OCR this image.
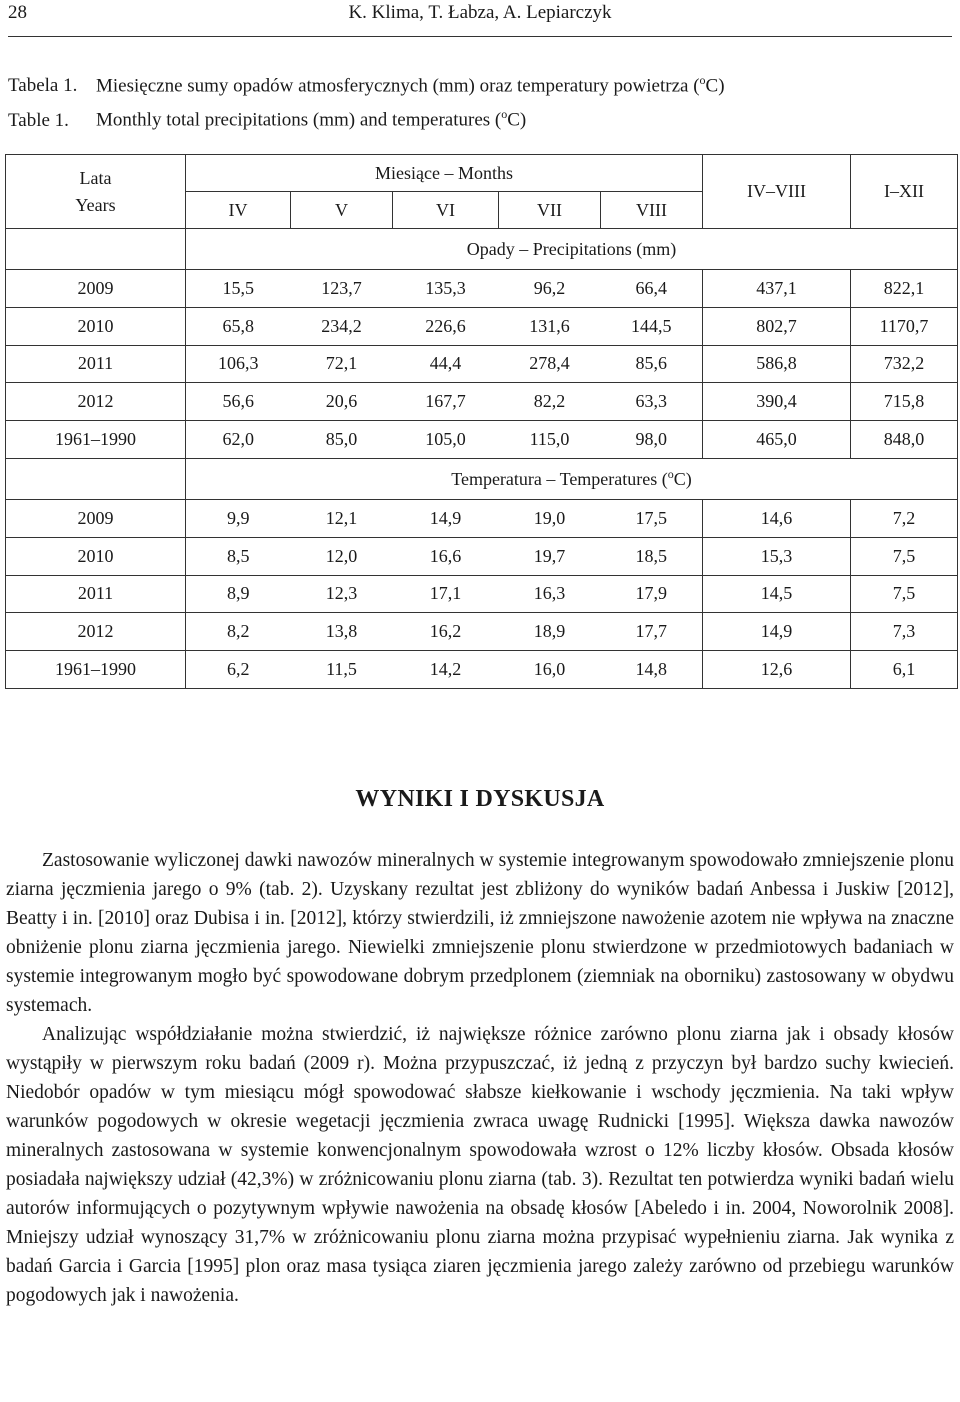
28	K. Klima, T. Łabza, A. Lepiarczyk
Tabela 1. Miesięczne sumy opadów atmosferycznych (mm) oraz temperatury powietrza ($^o$C)
Table 1. Monthly total precipitations (mm) and temperatures ($^o$C)
Lata
Years	Miesiące – Months					IV–VIII	I–XII
	IV	V	VI	VII	VIII		
	Opady – Precipitations (mm)						
2009	15,5	123,7	135,3	96,2	66,4	437,1	822,1
2010	65,8	234,2	226,6	131,6	144,5	802,7	1170,7
2011	106,3	72,1	44,4	278,4	85,6	586,8	732,2
2012	56,6	20,6	167,7	82,2	63,3	390,4	715,8
1961–1990	62,0	85,0	105,0	115,0	98,0	465,0	848,0
	Temperatura – Temperatures ($^o$C)						
2009	9,9	12,1	14,9	19,0	17,5	14,6	7,2
2010	8,5	12,0	16,6	19,7	18,5	15,3	7,5
2011	8,9	12,3	17,1	16,3	17,9	14,5	7,5
2012	8,2	13,8	16,2	18,9	17,7	14,9	7,3
1961–1990	6,2	11,5	14,2	16,0	14,8	12,6	6,1
WYNIKI I DYSKUSJA

Zastosowanie wyliczonej dawki nawozów mineralnych w systemie integrowanym spowodowało zmniejszenie plonu ziarna jęczmienia jarego o 9% (tab. 2). Uzyskany rezultat jest zbliżony do wyników badań Anbessa i Juskiw [2012], Beatty i in. [2010] oraz Dubisa i in. [2012], którzy stwierdzili, iż zmniejszone nawożenie azotem nie wpływa na znaczne obniżenie plonu ziarna jęczmienia jarego. Niewielki zmniejszenie plonu stwierdzone w przedmiotowych badaniach w systemie integrowanym mogło być spowodowane dobrym przedplonem (ziemniak na oborniku) zastosowany w obydwu systemach.

Analizując współdziałanie można stwierdzić, iż największe różnice zarówno plonu ziarna jak i obsady kłosów wystąpiły w pierwszym roku badań (2009 r). Można przypuszczać, iż jedną z przyczyn był bardzo suchy kwiecień. Niedobór opadów w tym miesiącu mógł spowodować słabsze kiełkowanie i wschody jęczmienia. Na taki wpływ warunków pogodowych w okresie wegetacji jęczmienia zwraca uwagę Rudnicki [1995]. Większa dawka nawozów mineralnych zastosowana w systemie konwencjonalnym spowodowała wzrost o 12% liczby kłosów. Obsada kłosów posiadała największy udział (42,3%) w zróżnicowaniu plonu ziarna (tab. 3). Rezultat ten potwierdza wyniki badań wielu autorów informujących o pozytywnym wpływie nawożenia na obsadę kłosów [Abeledo i in. 2004, Noworolnik 2008]. Mniejszy udział wynoszący 31,7% w zróżnicowaniu plonu ziarna można przypisać wypełnieniu ziarna. Jak wynika z badań Garcia i Garcia [1995] plon oraz masa tysiąca ziaren jęczmienia jarego zależy zarówno od przebiegu warunków pogodowych jak i nawożenia.
